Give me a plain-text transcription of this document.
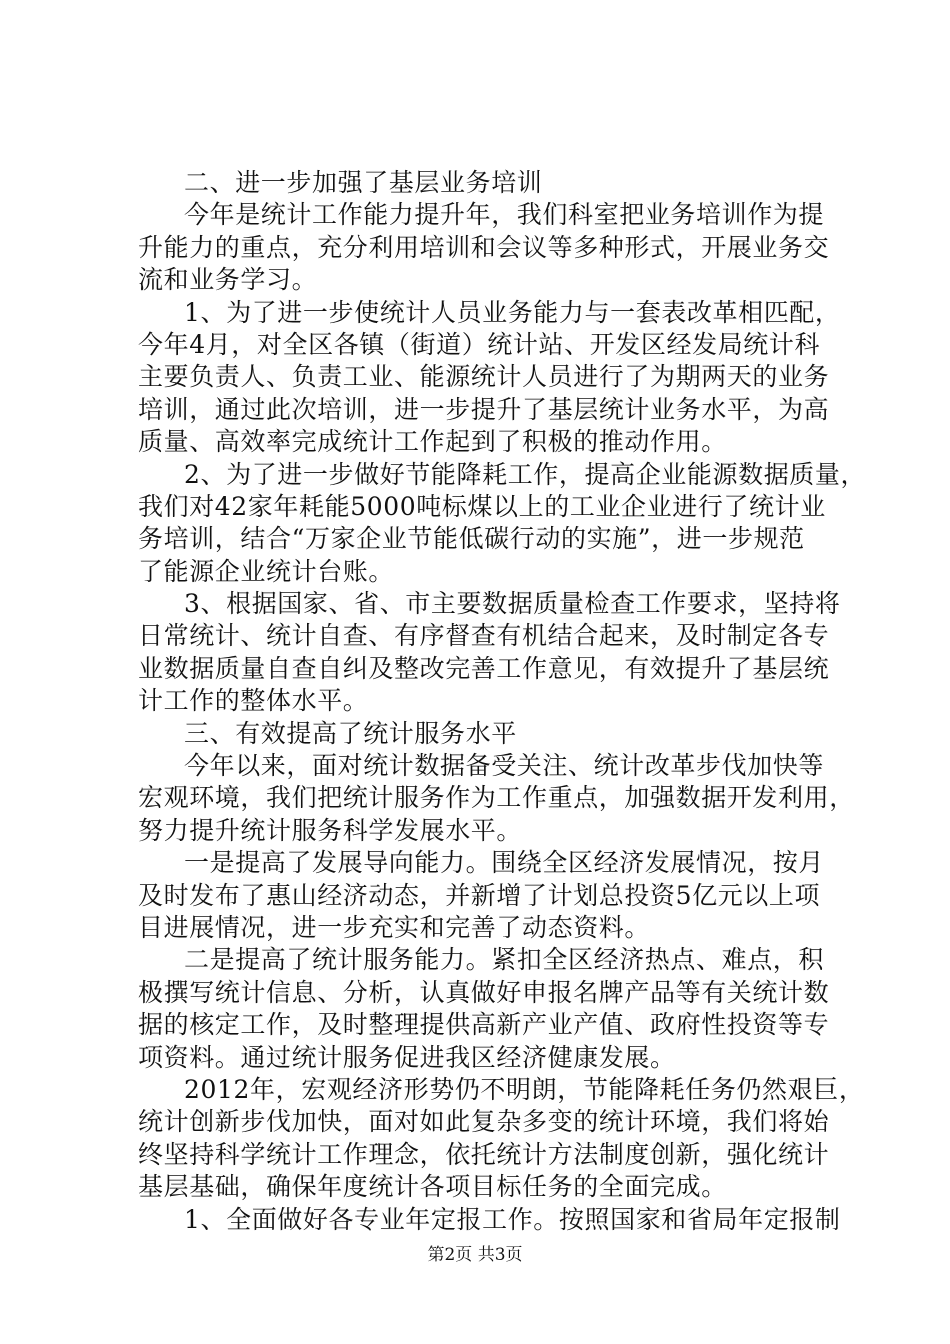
二、进一步加强了基层业务培训
今年是统计工作能力提升年，我们科室把业务培训作为提
升能力的重点，充分利用培训和会议等多种形式，开展业务交
流和业务学习。
1、为了进一步使统计人员业务能力与一套表改革相匹配，
今年4月，对全区各镇（街道）统计站、开发区经发局统计科
主要负责人、负责工业、能源统计人员进行了为期两天的业务
培训，通过此次培训，进一步提升了基层统计业务水平，为高
质量、高效率完成统计工作起到了积极的推动作用。
2、为了进一步做好节能降耗工作，提高企业能源数据质量，
我们对42家年耗能5000吨标煤以上的工业企业进行了统计业
务培训，结合“万家企业节能低碳行动的实施”，进一步规范
了能源企业统计台账。
3、根据国家、省、市主要数据质量检查工作要求，坚持将
日常统计、统计自查、有序督查有机结合起来，及时制定各专
业数据质量自查自纠及整改完善工作意见，有效提升了基层统
计工作的整体水平。
三、有效提高了统计服务水平
今年以来，面对统计数据备受关注、统计改革步伐加快等
宏观环境，我们把统计服务作为工作重点，加强数据开发利用，
努力提升统计服务科学发展水平。
一是提高了发展导向能力。围绕全区经济发展情况，按月
及时发布了惠山经济动态，并新增了计划总投资5亿元以上项
目进展情况，进一步充实和完善了动态资料。
二是提高了统计服务能力。紧扣全区经济热点、难点，积
极撰写统计信息、分析，认真做好申报名牌产品等有关统计数
据的核定工作，及时整理提供高新产业产值、政府性投资等专
项资料。通过统计服务促进我区经济健康发展。
2012年，宏观经济形势仍不明朗，节能降耗任务仍然艰巨，
统计创新步伐加快，面对如此复杂多变的统计环境，我们将始
终坚持科学统计工作理念，依托统计方法制度创新，强化统计
基层基础，确保年度统计各项目标任务的全面完成。
1、全面做好各专业年定报工作。按照国家和省局年定报制
第2页 共3页
